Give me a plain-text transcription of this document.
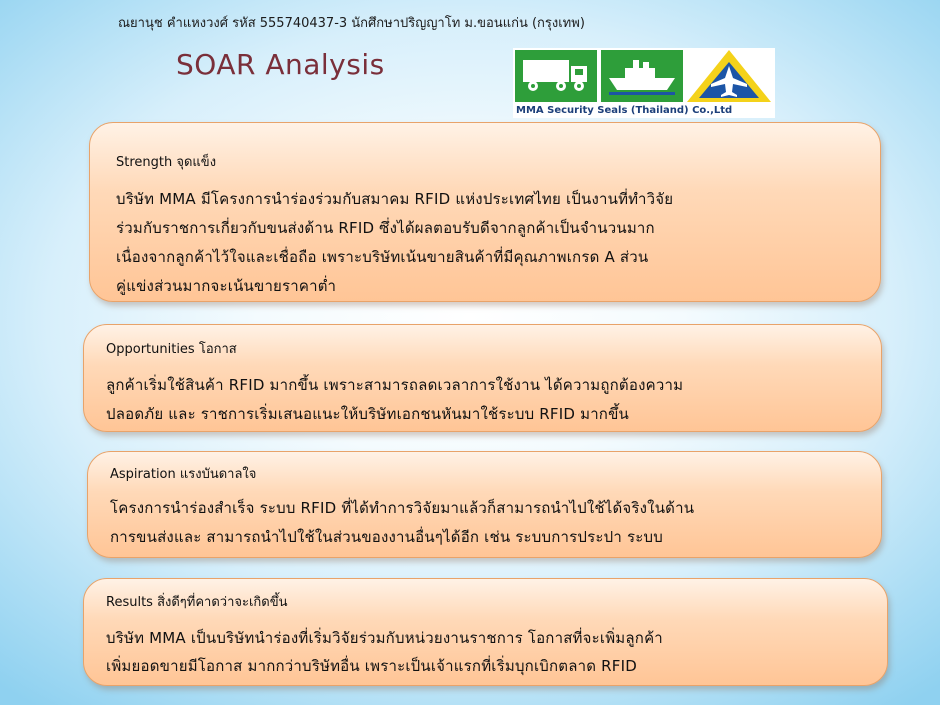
ณยานุช คำแหงวงศ์ รหัส 555740437-3 นักศึกษาปริญญาโท ม.ขอนแก่น (กรุงเทพ)
SOAR Analysis
MMA Security Seals (Thailand) Co.,Ltd
Strength จุดแข็ง
บริษัท MMA มีโครงการนำร่องร่วมกับสมาคม RFID แห่งประเทศไทย เป็นงานที่ทำวิจัย
ร่วมกับราชการเกี่ยวกับขนส่งด้าน RFID ซึ่งได้ผลตอบรับดีจากลูกค้าเป็นจำนวนมาก
เนื่องจากลูกค้าไว้ใจและเชื่อถือ เพราะบริษัทเน้นขายสินค้าที่มีคุณภาพเกรด A ส่วน
คู่แข่งส่วนมากจะเน้นขายราคาต่ำ
Opportunities โอกาส
ลูกค้าเริ่มใช้สินค้า RFID มากขึ้น เพราะสามารถลดเวลาการใช้งาน ได้ความถูกต้องความ
ปลอดภัย และ ราชการเริ่มเสนอแนะให้บริษัทเอกชนหันมาใช้ระบบ RFID มากขึ้น
Aspiration แรงบันดาลใจ
โครงการนำร่องสำเร็จ ระบบ RFID ที่ได้ทำการวิจัยมาแล้วก็สามารถนำไปใช้ได้จริงในด้าน
การขนส่งและ สามารถนำไปใช้ในส่วนของงานอื่นๆได้อีก เช่น ระบบการประปา ระบบ
Results สิ่งดีๆที่คาดว่าจะเกิดขึ้น
บริษัท MMA เป็นบริษัทนำร่องที่เริ่มวิจัยร่วมกับหน่วยงานราชการ โอกาสที่จะเพิ่มลูกค้า
เพิ่มยอดขายมีโอกาส มากกว่าบริษัทอื่น เพราะเป็นเจ้าแรกที่เริ่มบุกเบิกตลาด RFID
